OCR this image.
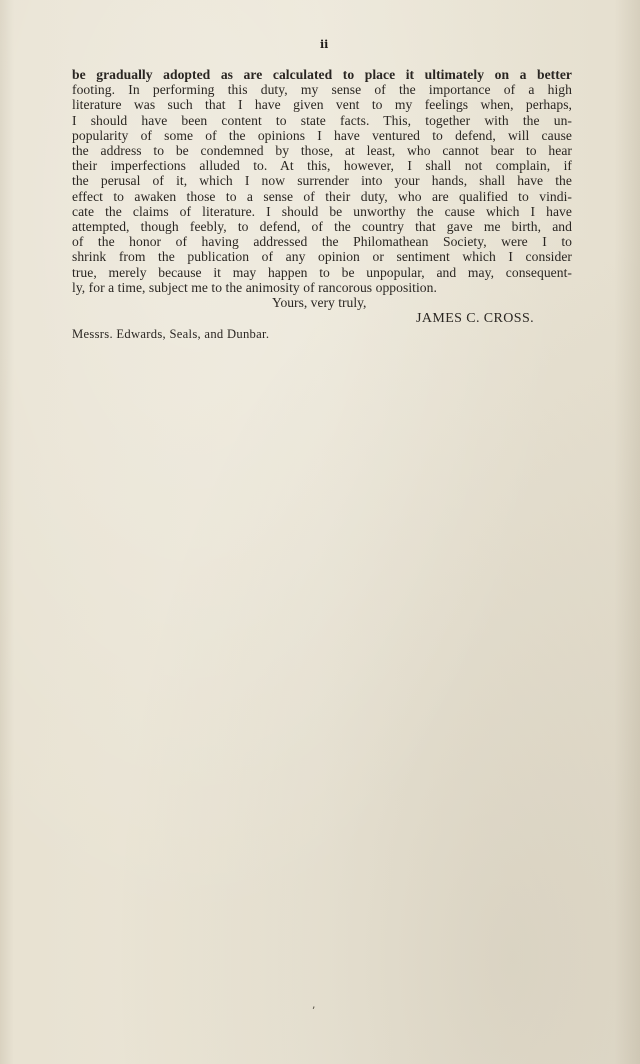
ii

be gradually adopted as are calculated to place it ultimately on a better
footing. In performing this duty, my sense of the importance of a high
literature was such that I have given vent to my feelings when, perhaps,
I should have been content to state facts. This, together with the un-
popularity of some of the opinions I have ventured to defend, will cause
the address to be condemned by those, at least, who cannot bear to hear
their imperfections alluded to. At this, however, I shall not complain, if
the perusal of it, which I now surrender into your hands, shall have the
effect to awaken those to a sense of their duty, who are qualified to vindi-
cate the claims of literature. I should be unworthy the cause which I have
attempted, though feebly, to defend, of the country that gave me birth, and
of the honor of having addressed the Philomathean Society, were I to
shrink from the publication of any opinion or sentiment which I consider
true, merely because it may happen to be unpopular, and may, consequent-
ly, for a time, subject me to the animosity of rancorous opposition.

Yours, very truly,

JAMES C. CROSS.

Messrs. Edwards, Seals, and Dunbar.

’
